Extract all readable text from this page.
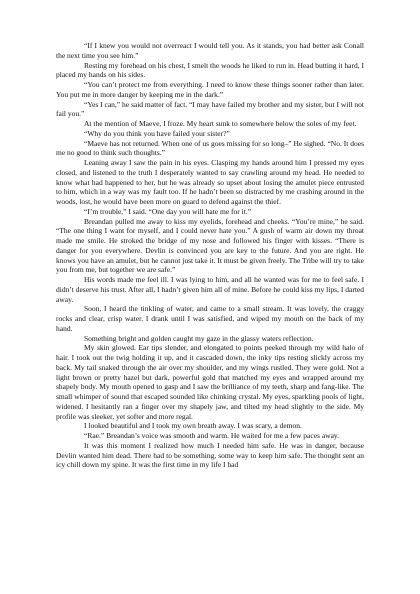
“If I knew you would not overreact I would tell you. As it stands, you had better ask Conall the next time you see him.”

Resting my forehead on his chest, I smelt the woods he liked to run in. Head butting it hard, I placed my hands on his sides.

“You can’t protect me from everything. I need to know these things sooner rather than later. You put me in more danger by keeping me in the dark.”

“Yes I can,” he said matter of fact. “I may have failed my brother and my sister, but I will not fail you.”

At the mention of Maeve, I froze. My heart sunk to somewhere below the soles of my feet.

“Why do you think you have failed your sister?”

“Maeve has not returned. When one of us goes missing for so long–” He sighed. “No. It does me no good to think such thoughts.”

Leaning away I saw the pain in his eyes. Clasping my hands around him I pressed my eyes closed, and listened to the truth I desperately wanted to say crawling around my head. He needed to know what had happened to her, but he was already so upset about losing the amulet piece entrusted to him, which in a way was my fault too. If he hadn’t been so distracted by me crashing around in the woods, lost, he would have been more on guard to defend against the thief.

“I’m trouble,” I said. “One day you will hate me for it.”

Breandan pulled me away to kiss my eyelids, forehead and cheeks. “You’re mine,” he said. “The one thing I want for myself, and I could never hate you.” A gush of warm air down my throat made me smile. He stroked the bridge of my nose and followed his finger with kisses. “There is danger for you everywhere. Devlin is convinced you are key to the future. And you are right. He knows you have an amulet, but he cannot just take it. It must be given freely. The Tribe will try to take you from me, but together we are safe.”

His words made me feel ill. I was lying to him, and all he wanted was for me to feel safe. I didn’t deserve his trust. After all, I hadn’t given him all of mine. Before he could kiss my lips, I darted away.

Soon, I heard the tinkling of water, and came to a small stream. It was lovely, the craggy rocks and clear, crisp water. I drank until I was satisfied, and wiped my mouth on the back of my hand.

Something bright and golden caught my gaze in the glassy waters reflection.

My skin glowed. Ear tips slender, and elongated to points peeked through my wild halo of hair. I took out the twig holding it up, and it cascaded down, the inky tips resting slickly across my back. My tail snaked through the air over my shoulder, and my wings rustled. They were gold. Not a light brown or pretty hazel but dark, powerful gold that matched my eyes and wrapped around my shapely body. My mouth opened to gasp and I saw the brilliance of my teeth, sharp and fang-like. The small whimper of sound that escaped sounded like chinking crystal. My eyes, sparkling pools of light, widened. I hesitantly ran a finger over my shapely jaw, and tilted my head slightly to the side. My profile was sleeker, yet softer and more regal.

I looked beautiful and I took my own breath away. I was scary, a demon.

“Rae.” Breandan’s voice was smooth and warm. He waited for me a few paces away.

It was this moment I realized how much I needed him safe. He was in danger, because Devlin wanted him dead. There had to be something, some way to keep him safe. The thought sent an icy chill down my spine. It was the first time in my life I had
